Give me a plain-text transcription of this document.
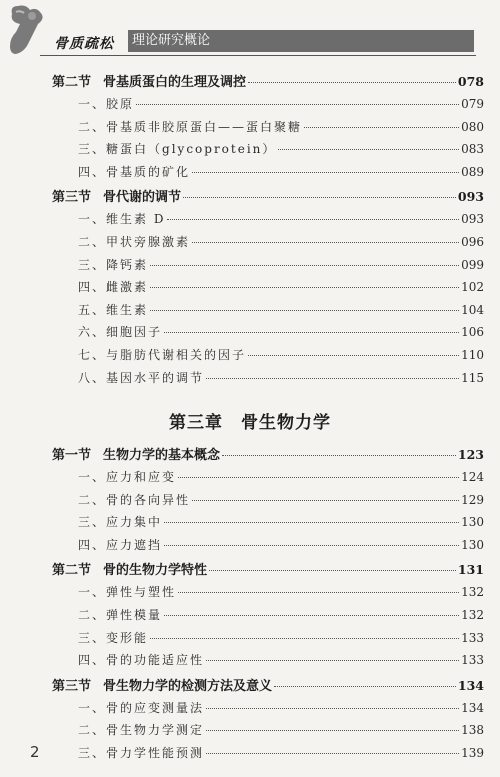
骨质疏松	理论研究概论
第二节 骨基质蛋白的生理及调控	078
一、 胶原	079
二、 骨基质非胶原蛋白——蛋白聚糖	080
三、 糖蛋白（glycoprotein）	083
四、 骨基质的矿化	089
第三节 骨代谢的调节	093
一、 维生素 D	093
二、 甲状旁腺激素	096
三、 降钙素	099
四、 雌激素	102
五、 维生素	104
六、 细胞因子	106
七、 与脂肪代谢相关的因子	110
八、 基因水平的调节	115
第三章 骨生物力学
第一节 生物力学的基本概念	123
一、 应力和应变	124
二、 骨的各向异性	129
三、 应力集中	130
四、 应力遮挡	130
第二节 骨的生物力学特性	131
一、 弹性与塑性	132
二、 弹性模量	132
三、 变形能	133
四、 骨的功能适应性	133
第三节 骨生物力学的检测方法及意义	134
一、 骨的应变测量法	134
二、 骨生物力学测定	138
三、 骨力学性能预测	139
2
